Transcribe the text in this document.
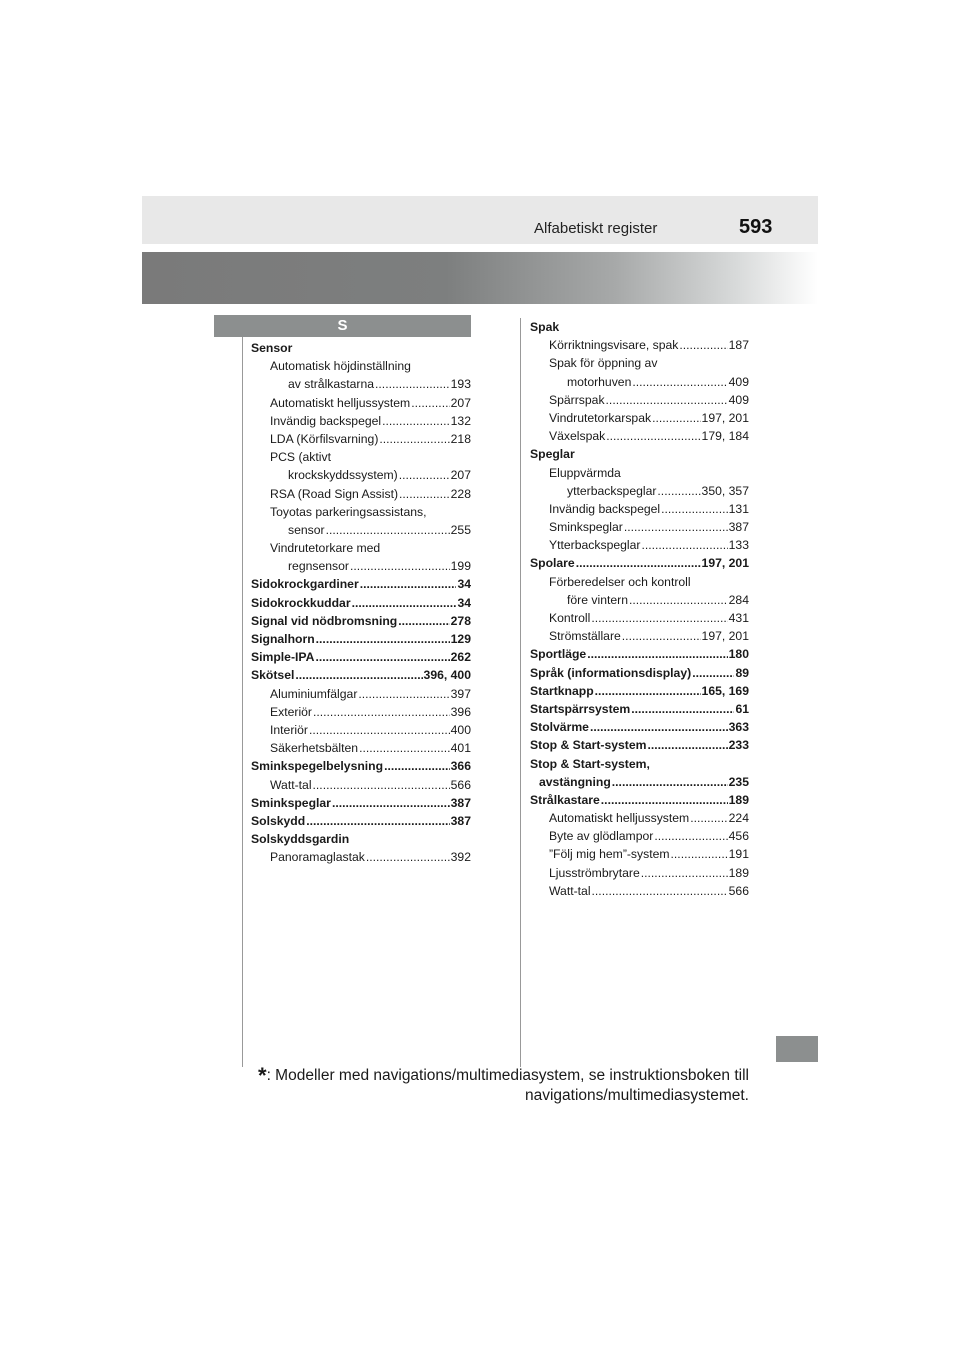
Alfabetiskt register	593
S
Sensor
Automatisk höjdinställning
av strålkastarna .....	193
Automatiskt helljussystem .....	207
Invändig backspegel .....	132
LDA (Körfilsvarning) .....	218
PCS (aktivt
krockskyddssystem) .....	207
RSA (Road Sign Assist) .....	228
Toyotas parkeringsassistans,
sensor .....	255
Vindrutetorkare med
regnsensor .....	199
Sidokrockgardiner .....	34
Sidokrockkuddar .....	34
Signal vid nödbromsning .....	278
Signalhorn .....	129
Simple-IPA .....	262
Skötsel .....	396, 400
Aluminiumfälgar .....	397
Exteriör .....	396
Interiör .....	400
Säkerhetsbälten .....	401
Sminkspegelbelysning .....	366
Watt-tal .....	566
Sminkspeglar .....	387
Solskydd .....	387
Solskyddsgardin
Panoramaglastak .....	392
Spak
Körriktningsvisare, spak .....	187
Spak för öppning av
motorhuven .....	409
Spärrspak .....	409
Vindrutetorkarspak .....	197, 201
Växelspak .....	179, 184
Speglar
Eluppvärmda
ytterbackspeglar .....	350, 357
Invändig backspegel .....	131
Sminkspeglar .....	387
Ytterbackspeglar .....	133
Spolare .....	197, 201
Förberedelser och kontroll
före vintern .....	284
Kontroll .....	431
Strömställare .....	197, 201
Sportläge .....	180
Språk (informationsdisplay) .....	89
Startknapp .....	165, 169
Startspärrsystem .....	61
Stolvärme .....	363
Stop & Start-system .....	233
Stop & Start-system,
avstängning .....	235
Strålkastare .....	189
Automatiskt helljussystem .....	224
Byte av glödlampor .....	456
”Följ mig hem”-system .....	191
Ljusströmbrytare .....	189
Watt-tal .....	566
*: Modeller med navigations/multimediasystem, se instruktionsboken till
navigations/multimediasystemet.
